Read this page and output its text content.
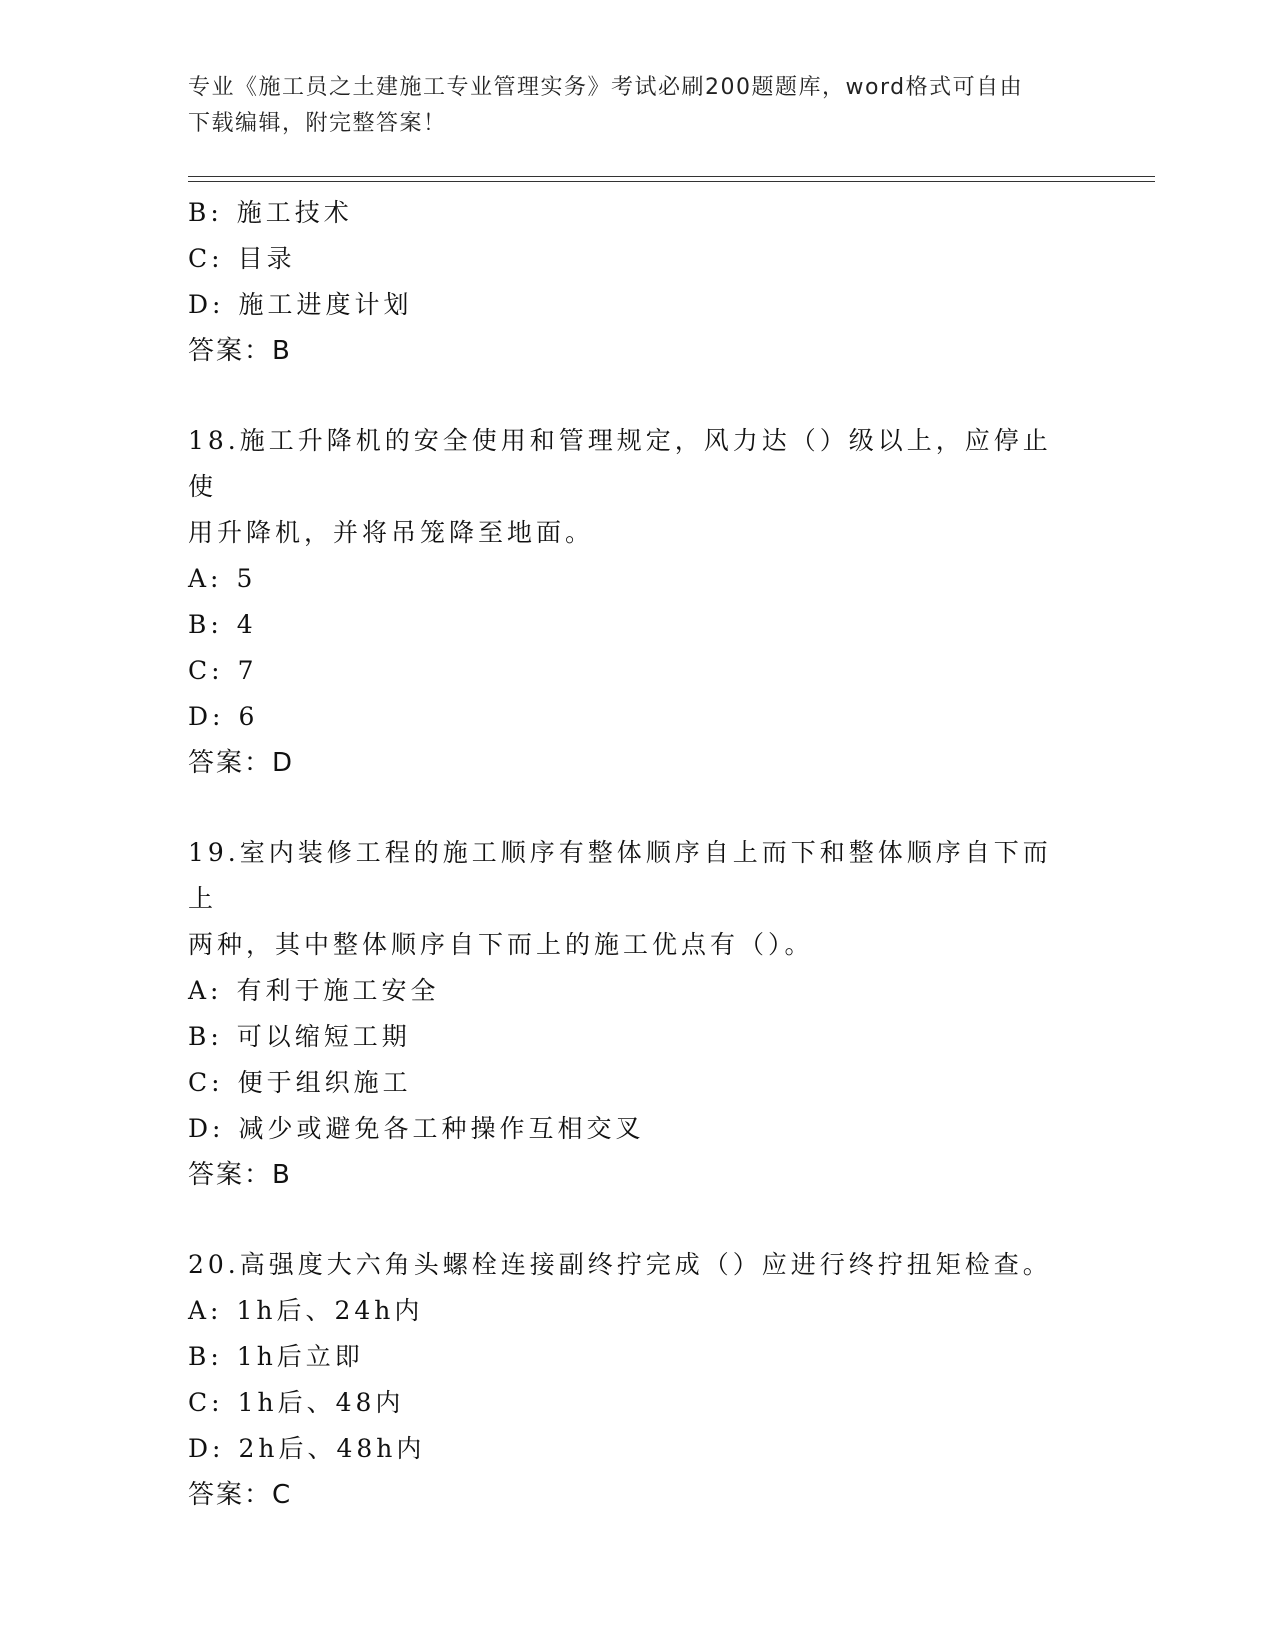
专业《施工员之土建施工专业管理实务》考试必刷200题题库，word格式可自由
下载编辑，附完整答案！
B: 施工技术
C: 目录
D: 施工进度计划
答案：B
18.施工升降机的安全使用和管理规定，风力达（）级以上，应停止使
用升降机，并将吊笼降至地面。
A: 5
B: 4
C: 7
D: 6
答案：D
19.室内装修工程的施工顺序有整体顺序自上而下和整体顺序自下而上
两种，其中整体顺序自下而上的施工优点有（）。
A: 有利于施工安全
B: 可以缩短工期
C: 便于组织施工
D: 减少或避免各工种操作互相交叉
答案：B
20.高强度大六角头螺栓连接副终拧完成（）应进行终拧扭矩检查。
A: 1h后、24h内
B: 1h后立即
C: 1h后、48内
D: 2h后、48h内
答案：C
